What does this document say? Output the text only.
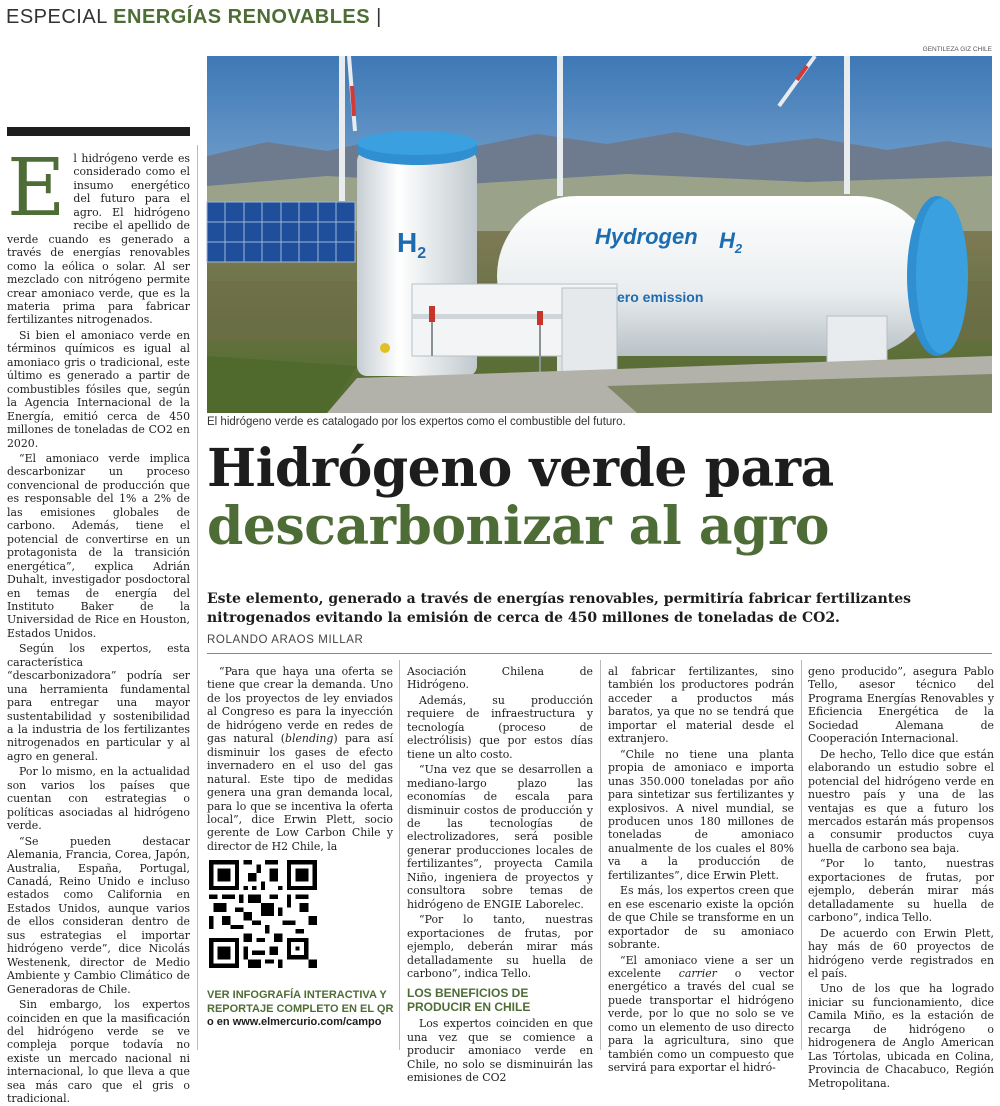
ESPECIAL ENERGÍAS RENOVABLES |
GENTILEZA GIZ CHILE
$H_2$
Hydrogen $H_2$
ero emission
El hidrógeno verde es catalogado por los expertos como el combustible del futuro.

El hidrógeno verde es considerado como el insumo energético del futuro para el agro. El hidrógeno recibe el apellido de verde cuando es generado a través de energías renovables como la eólica o solar. Al ser mezclado con nitrógeno permite crear amoniaco verde, que es la materia prima para fabricar fertilizantes nitrogenados.

Si bien el amoniaco verde en términos químicos es igual al amoniaco gris o tradicional, este último es generado a partir de combustibles fósiles que, según la Agencia Internacional de la Energía, emitió cerca de 450 millones de toneladas de CO2 en 2020.

“El amoniaco verde implica descarbonizar un proceso convencional de producción que es responsable del 1% a 2% de las emisiones globales de carbono. Además, tiene el potencial de convertirse en un protagonista de la transición energética”, explica Adrián Duhalt, investigador posdoctoral en temas de energía del Instituto Baker de la Universidad de Rice en Houston, Estados Unidos.

Según los expertos, esta característica “descarbonizadora” podría ser una herramienta fundamental para entregar una mayor sustentabilidad y sostenibilidad a la industria de los fertilizantes nitrogenados en particular y al agro en general.

Por lo mismo, en la actualidad son varios los países que cuentan con estrategias o políticas asociadas al hidrógeno verde.

“Se pueden destacar Alemania, Francia, Corea, Japón, Australia, España, Portugal, Canadá, Reino Unido e incluso estados como California en Estados Unidos, aunque varios de ellos consideran dentro de sus estrategias el importar hidrógeno verde”, dice Nicolás Westenenk, director de Medio Ambiente y Cambio Climático de Generadoras de Chile.

Sin embargo, los expertos coinciden en que la masificación del hidrógeno verde se ve compleja porque todavía no existe un mercado nacional ni internacional, lo que lleva a que sea más caro que el gris o tradicional.

Hidrógeno verde para
descarbonizar al agro
Este elemento, generado a través de energías renovables, permitiría fabricar fertilizantes nitrogenados evitando la emisión de cerca de 450 millones de toneladas de CO2.
ROLANDO ARAOS MILLAR

“Para que haya una oferta se tiene que crear la demanda. Uno de los proyectos de ley enviados al Congreso es para la inyección de hidrógeno verde en redes de gas natural (blending) para así disminuir los gases de efecto invernadero en el uso del gas natural. Este tipo de medidas genera una gran demanda local, para lo que se incentiva la oferta local”, dice Erwin Plett, socio gerente de Low Carbon Chile y director de H2 Chile, la

VER INFOGRAFÍA INTERACTIVA Y REPORTAJE COMPLETO EN EL QR o en www.elmercurio.com/campo

Asociación Chilena de Hidrógeno.

Además, su producción requiere de infraestructura y tecnología (proceso de electrólisis) que por estos días tiene un alto costo.

“Una vez que se desarrollen a mediano-largo plazo las economías de escala para disminuir costos de producción y de las tecnologías de electrolizadores, será posible generar producciones locales de fertilizantes”, proyecta Camila Niño, ingeniera de proyectos y consultora sobre temas de hidrógeno de ENGIE Laborelec.

“Por lo tanto, nuestras exportaciones de frutas, por ejemplo, deberán mirar más detalladamente su huella de carbono”, indica Tello.

LOS BENEFICIOS DE PRODUCIR EN CHILE

Los expertos coinciden en que una vez que se comience a producir amoniaco verde en Chile, no solo se disminuirán las emisiones de CO2

al fabricar fertilizantes, sino también los productores podrán acceder a productos más baratos, ya que no se tendrá que importar el material desde el extranjero.

“Chile no tiene una planta propia de amoniaco e importa unas 350.000 toneladas por año para sintetizar sus fertilizantes y explosivos. A nivel mundial, se producen unos 180 millones de toneladas de amoniaco anualmente de los cuales el 80% va a la producción de fertilizantes”, dice Erwin Plett.

Es más, los expertos creen que en ese escenario existe la opción de que Chile se transforme en un exportador de su amoniaco sobrante.

“El amoniaco viene a ser un excelente carrier o vector energético a través del cual se puede transportar el hidrógeno verde, por lo que no solo se ve como un elemento de uso directo para la agricultura, sino que también como un compuesto que servirá para exportar el hidró-

geno producido”, asegura Pablo Tello, asesor técnico del Programa Energías Renovables y Eficiencia Energética de la Sociedad Alemana de Cooperación Internacional.

De hecho, Tello dice que están elaborando un estudio sobre el potencial del hidrógeno verde en nuestro país y una de las ventajas es que a futuro los mercados estarán más propensos a consumir productos cuya huella de carbono sea baja.

“Por lo tanto, nuestras exportaciones de frutas, por ejemplo, deberán mirar más detalladamente su huella de carbono”, indica Tello.

De acuerdo con Erwin Plett, hay más de 60 proyectos de hidrógeno verde registrados en el país.

Uno de los que ha logrado iniciar su funcionamiento, dice Camila Miño, es la estación de recarga de hidrógeno o hidrogenera de Anglo American Las Tórtolas, ubicada en Colina, Provincia de Chacabuco, Región Metropolitana.
